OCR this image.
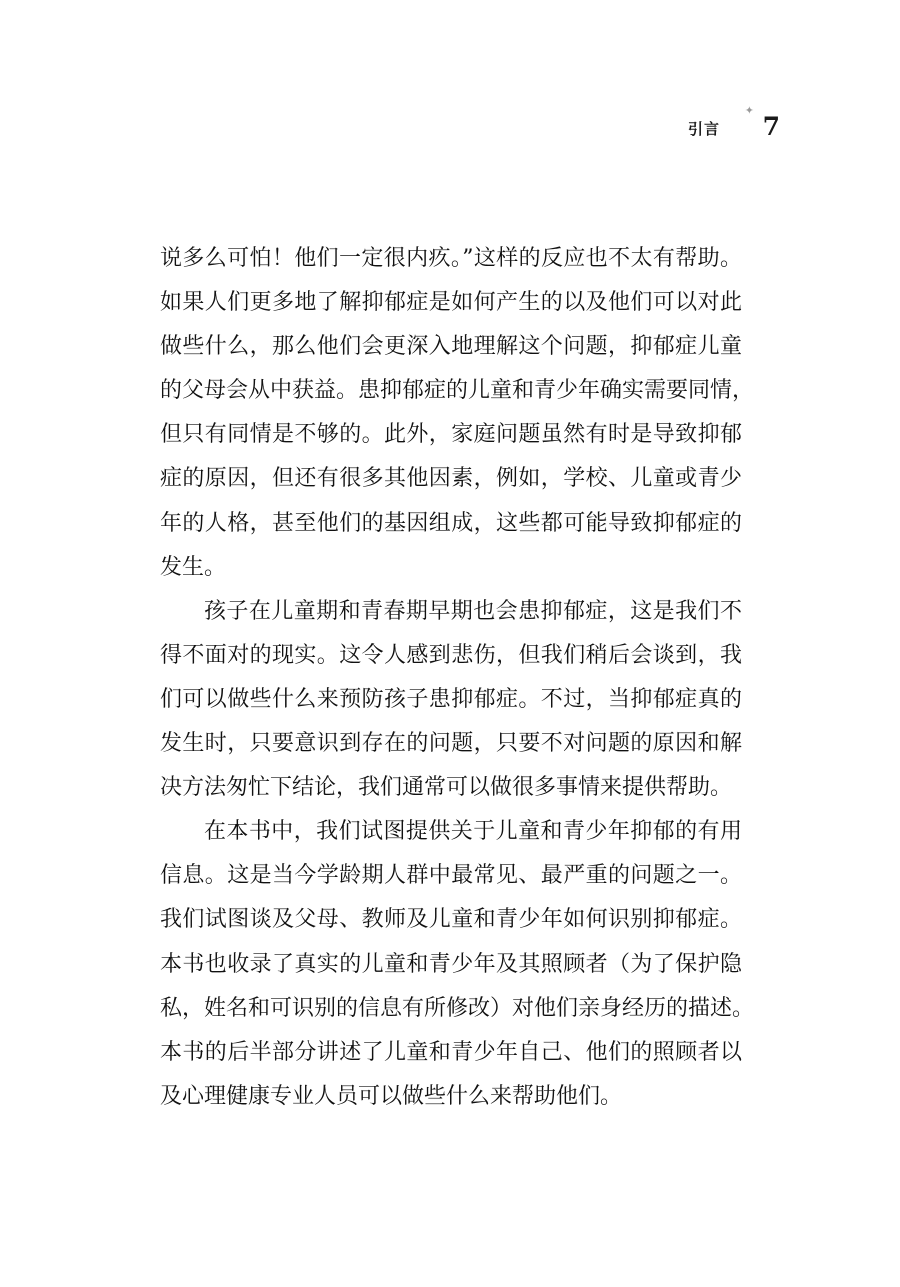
引言
✦
7
说多么可怕！他们一定很内疚。”这样的反应也不太有帮助。
如果人们更多地了解抑郁症是如何产生的以及他们可以对此
做些什么，那么他们会更深入地理解这个问题，抑郁症儿童
的父母会从中获益。患抑郁症的儿童和青少年确实需要同情，
但只有同情是不够的。此外，家庭问题虽然有时是导致抑郁
症的原因，但还有很多其他因素，例如，学校、儿童或青少
年的人格，甚至他们的基因组成，这些都可能导致抑郁症的
发生。
孩子在儿童期和青春期早期也会患抑郁症，这是我们不
得不面对的现实。这令人感到悲伤，但我们稍后会谈到，我
们可以做些什么来预防孩子患抑郁症。不过，当抑郁症真的
发生时，只要意识到存在的问题，只要不对问题的原因和解
决方法匆忙下结论，我们通常可以做很多事情来提供帮助。
在本书中，我们试图提供关于儿童和青少年抑郁的有用
信息。这是当今学龄期人群中最常见、最严重的问题之一。
我们试图谈及父母、教师及儿童和青少年如何识别抑郁症。
本书也收录了真实的儿童和青少年及其照顾者（为了保护隐
私，姓名和可识别的信息有所修改）对他们亲身经历的描述。
本书的后半部分讲述了儿童和青少年自己、他们的照顾者以
及心理健康专业人员可以做些什么来帮助他们。
